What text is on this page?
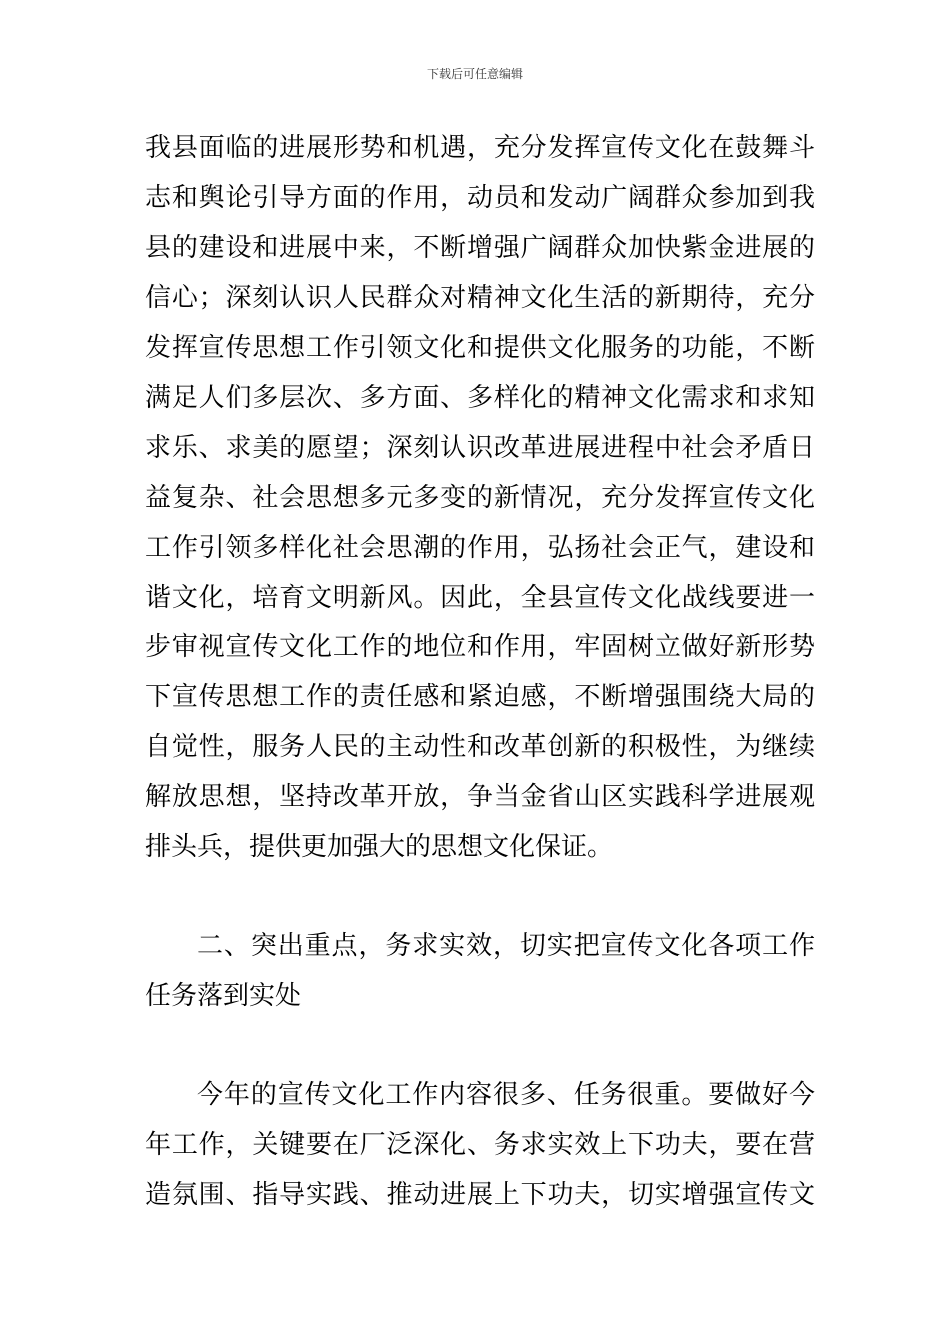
下载后可任意编辑
我县面临的进展形势和机遇，充分发挥宣传文化在鼓舞斗
志和舆论引导方面的作用，动员和发动广阔群众参加到我
县的建设和进展中来，不断增强广阔群众加快紫金进展的
信心；深刻认识人民群众对精神文化生活的新期待，充分
发挥宣传思想工作引领文化和提供文化服务的功能，不断
满足人们多层次、多方面、多样化的精神文化需求和求知
求乐、求美的愿望；深刻认识改革进展进程中社会矛盾日
益复杂、社会思想多元多变的新情况，充分发挥宣传文化
工作引领多样化社会思潮的作用，弘扬社会正气，建设和
谐文化，培育文明新风。因此，全县宣传文化战线要进一
步审视宣传文化工作的地位和作用，牢固树立做好新形势
下宣传思想工作的责任感和紧迫感，不断增强围绕大局的
自觉性，服务人民的主动性和改革创新的积极性，为继续
解放思想，坚持改革开放，争当金省山区实践科学进展观
排头兵，提供更加强大的思想文化保证。
二、突出重点，务求实效，切实把宣传文化各项工作
任务落到实处
今年的宣传文化工作内容很多、任务很重。要做好今
年工作，关键要在厂泛深化、务求实效上下功夫，要在营
造氛围、指导实践、推动进展上下功夫，切实增强宣传文
